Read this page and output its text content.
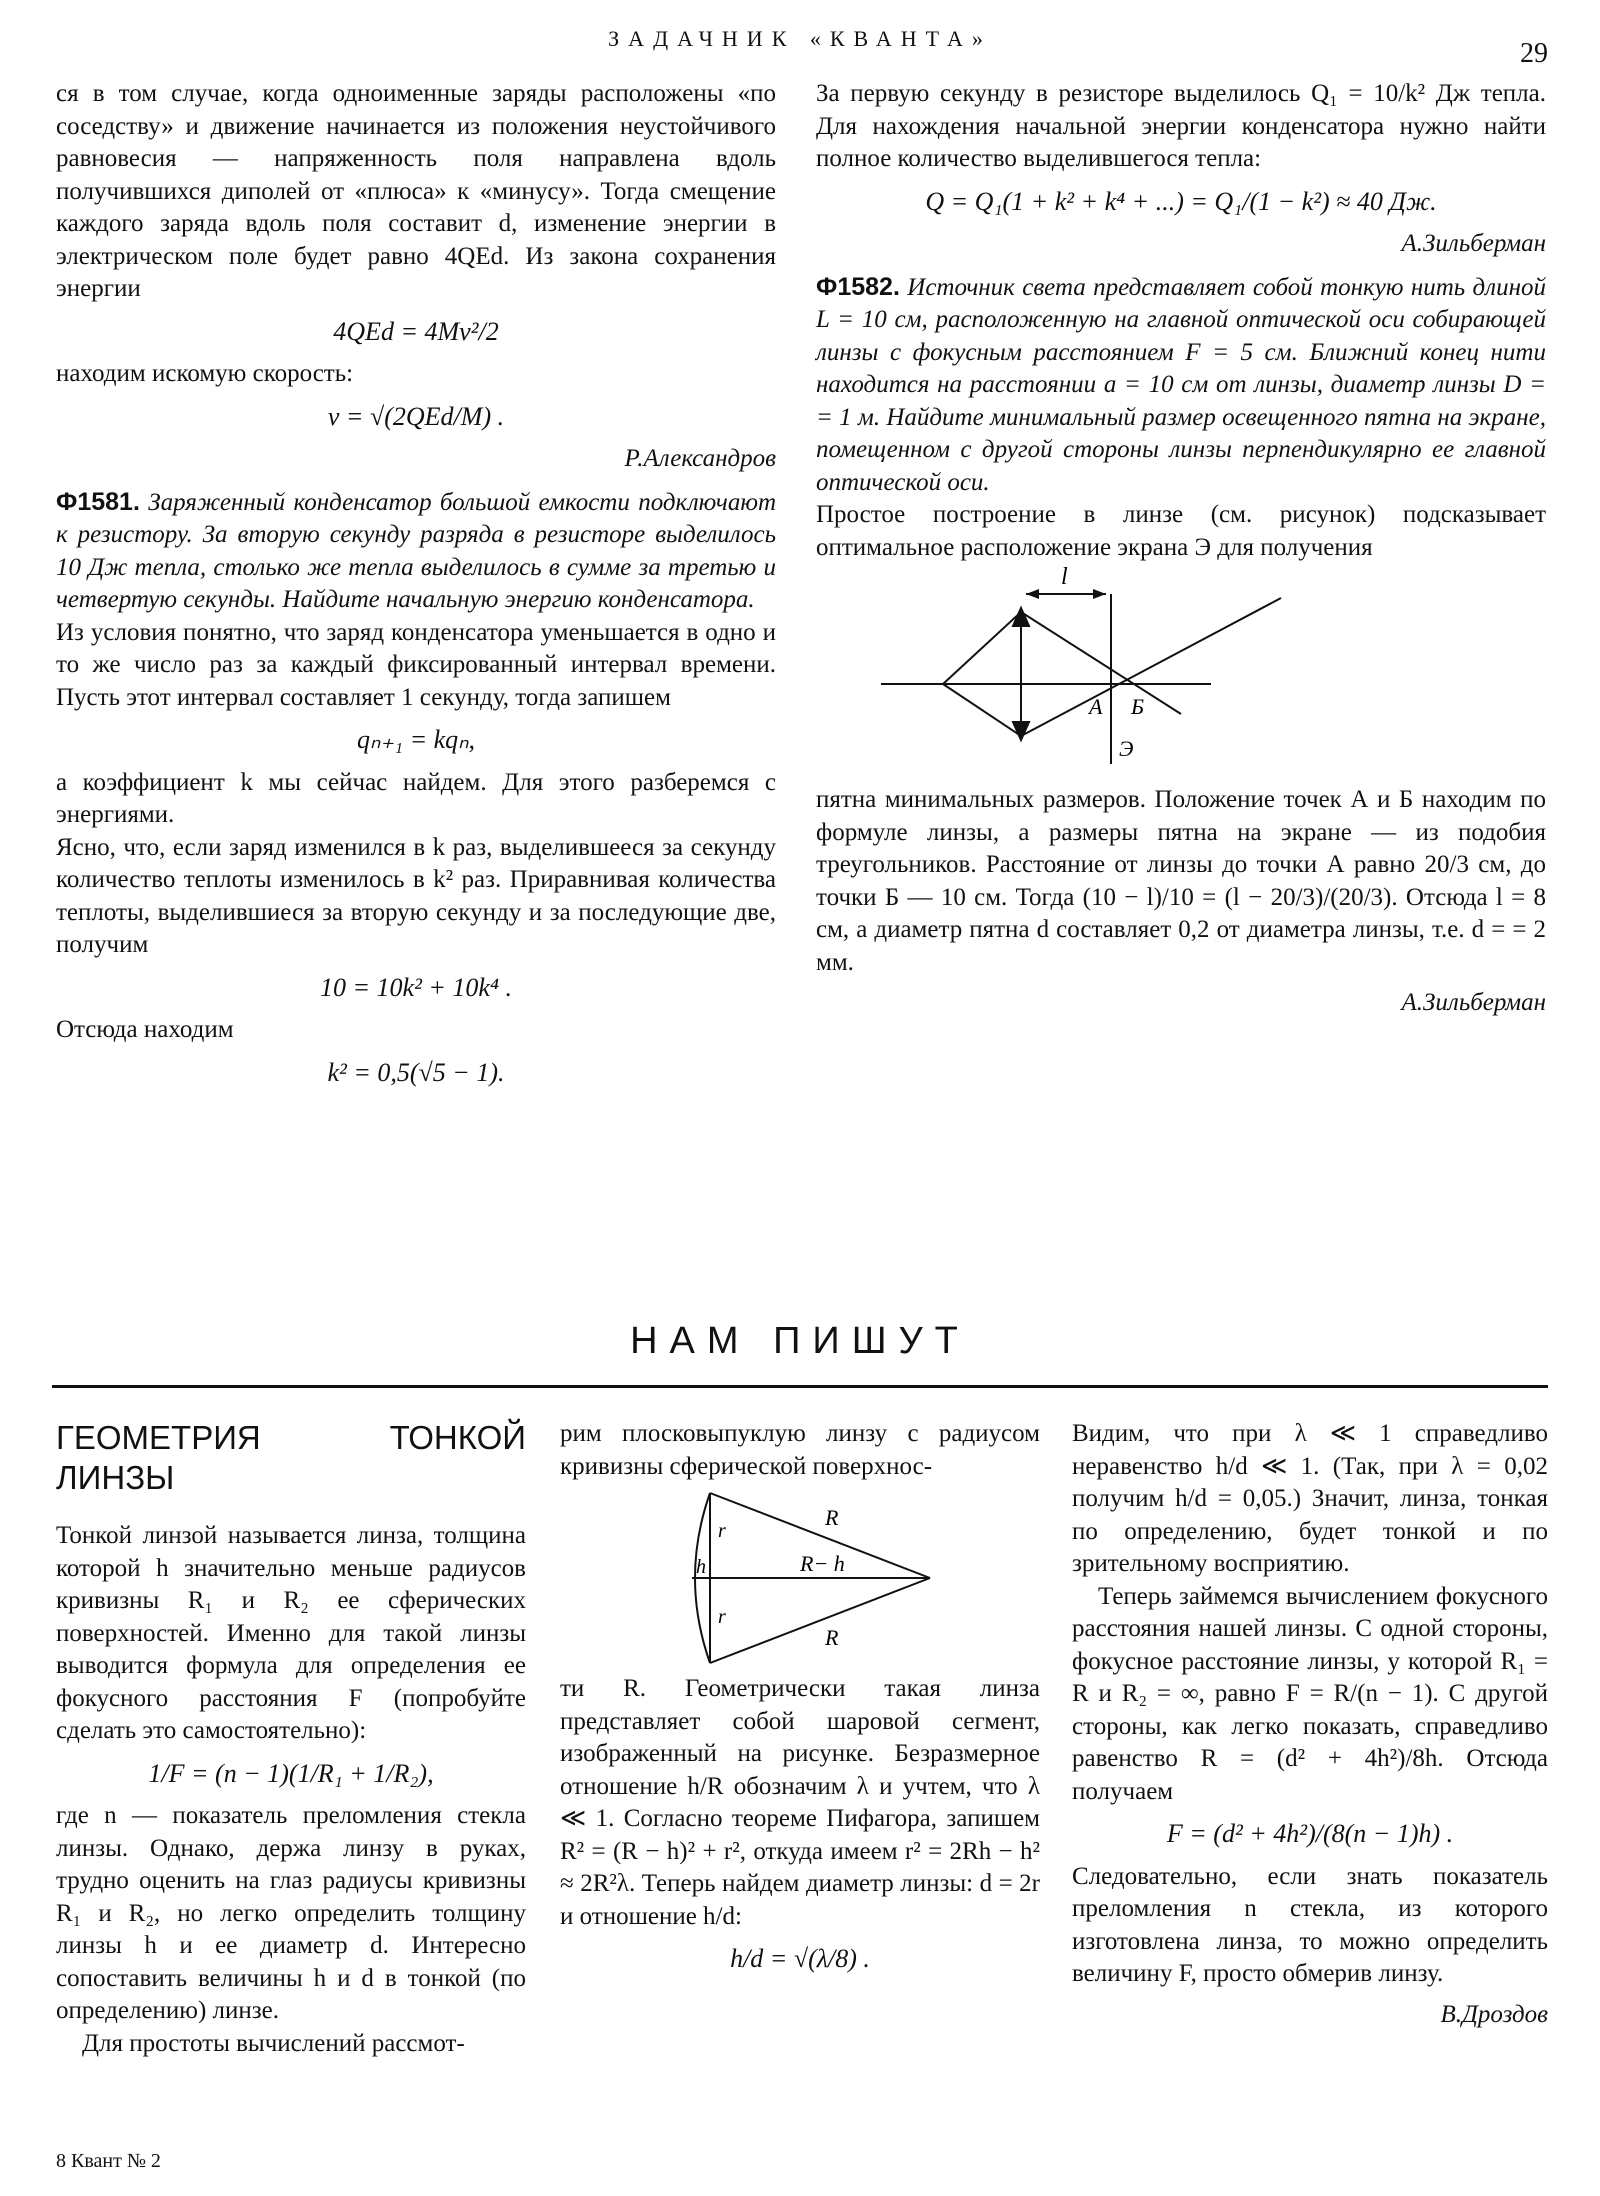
ЗАДАЧНИК «КВАНТА»	29

ся в том случае, когда одноименные заряды расположены «по соседству» и движение начинается из положения неустойчивого равновесия — напряженность поля направлена вдоль получившихся диполей от «плюса» к «минусу». Тогда смещение каждого заряда вдоль поля составит d, изменение энергии в электрическом поле будет равно 4QEd. Из закона сохранения энергии

4QEd = 4Mv²/2

находим искомую скорость:

v = √(2QEd/M) .
Р.Александров

Ф1581. Заряженный конденсатор большой емкости подключают к резистору. За вторую секунду разряда в резисторе выделилось 10 Дж тепла, столько же тепла выделилось в сумме за третью и четвертую секунды. Найдите начальную энергию конденсатора.

Из условия понятно, что заряд конденсатора уменьшается в одно и то же число раз за каждый фиксированный интервал времени. Пусть этот интервал составляет 1 секунду, тогда запишем

qₙ₊₁ = kqₙ,

а коэффициент k мы сейчас найдем. Для этого разберемся с энергиями.

Ясно, что, если заряд изменился в k раз, выделившееся за секунду количество теплоты изменилось в k² раз. Приравнивая количества теплоты, выделившиеся за вторую секунду и за последующие две, получим

10 = 10k² + 10k⁴ .

Отсюда находим

k² = 0,5(√5 − 1).

За первую секунду в резисторе выделилось Q₁ = 10/k² Дж тепла. Для нахождения начальной энергии конденсатора нужно найти полное количество выделившегося тепла:

Q = Q₁(1 + k² + k⁴ + ...) = Q₁/(1 − k²) ≈ 40 Дж.
А.Зильберман

Ф1582. Источник света представляет собой тонкую нить длиной L = 10 см, расположенную на главной оптической оси собирающей линзы с фокусным расстоянием F = 5 см. Ближний конец нити находится на расстоянии a = 10 см от линзы, диаметр линзы D = = 1 м. Найдите минимальный размер освещенного пятна на экране, помещенном с другой стороны линзы перпендикулярно ее главной оптической оси.

Простое построение в линзе (см. рисунок) подсказывает оптимальное расположение экрана Э для получения

l
А Б
Э

пятна минимальных размеров. Положение точек А и Б находим по формуле линзы, а размеры пятна на экране — из подобия треугольников. Расстояние от линзы до точки А равно 20/3 см, до точки Б — 10 см. Тогда (10 − l)/10 = (l − 20/3)/(20/3). Отсюда l = 8 см, а диаметр пятна d составляет 0,2 от диаметра линзы, т.е. d = = 2 мм.

А.Зильберман
НАМ ПИШУТ
ГЕОМЕТРИЯ ТОНКОЙ ЛИНЗЫ

Тонкой линзой называется линза, толщина которой h значительно меньше радиусов кривизны R₁ и R₂ ее сферических поверхностей. Именно для такой линзы выводится формула для определения ее фокусного расстояния F (попробуйте сделать это самостоятельно):

1/F = (n − 1)(1/R₁ + 1/R₂),

где n — показатель преломления стекла линзы. Однако, держа линзу в руках, трудно оценить на глаз радиусы кривизны R₁ и R₂, но легко определить толщину линзы h и ее диаметр d. Интересно сопоставить величины h и d в тонкой (по определению) линзе.

Для простоты вычислений рассмот-

рим плосковыпуклую линзу с радиусом кривизны сферической поверхнос-

R
r
h	R− h
r
R

ти R. Геометрически такая линза представляет собой шаровой сегмент, изображенный на рисунке. Безразмерное отношение h/R обозначим λ и учтем, что λ ≪ 1. Согласно теореме Пифагора, запишем R² = (R − h)² + r², откуда имеем r² = 2Rh − h² ≈ 2R²λ. Теперь найдем диаметр линзы: d = 2r и отношение h/d:

h/d = √(λ/8) .

Видим, что при λ ≪ 1 справедливо неравенство h/d ≪ 1. (Так, при λ = 0,02 получим h/d = 0,05.) Значит, линза, тонкая по определению, будет тонкой и по зрительному восприятию.

Теперь займемся вычислением фокусного расстояния нашей линзы. С одной стороны, фокусное расстояние линзы, у которой R₁ = R и R₂ = ∞, равно F = R/(n − 1). С другой стороны, как легко показать, справедливо равенство R = (d² + 4h²)/8h. Отсюда получаем

F = (d² + 4h²)/(8(n − 1)h) .

Следовательно, если знать показатель преломления n стекла, из которого изготовлена линза, то можно определить величину F, просто обмерив линзу.

В.Дроздов
8 Квант № 2
